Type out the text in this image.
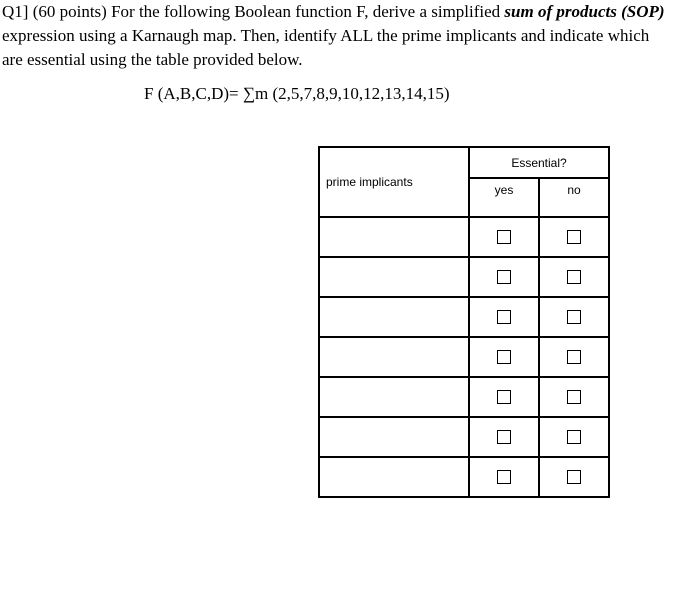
Q1] (60 points) For the following Boolean function F, derive a simplified sum of products (SOP)
expression using a Karnaugh map. Then, identify ALL the prime implicants and indicate which
are essential using the table provided below.
F (A,B,C,D)= ∑m (2,5,7,8,9,10,12,13,14,15)
prime implicants	Essential?	
	yes	no
